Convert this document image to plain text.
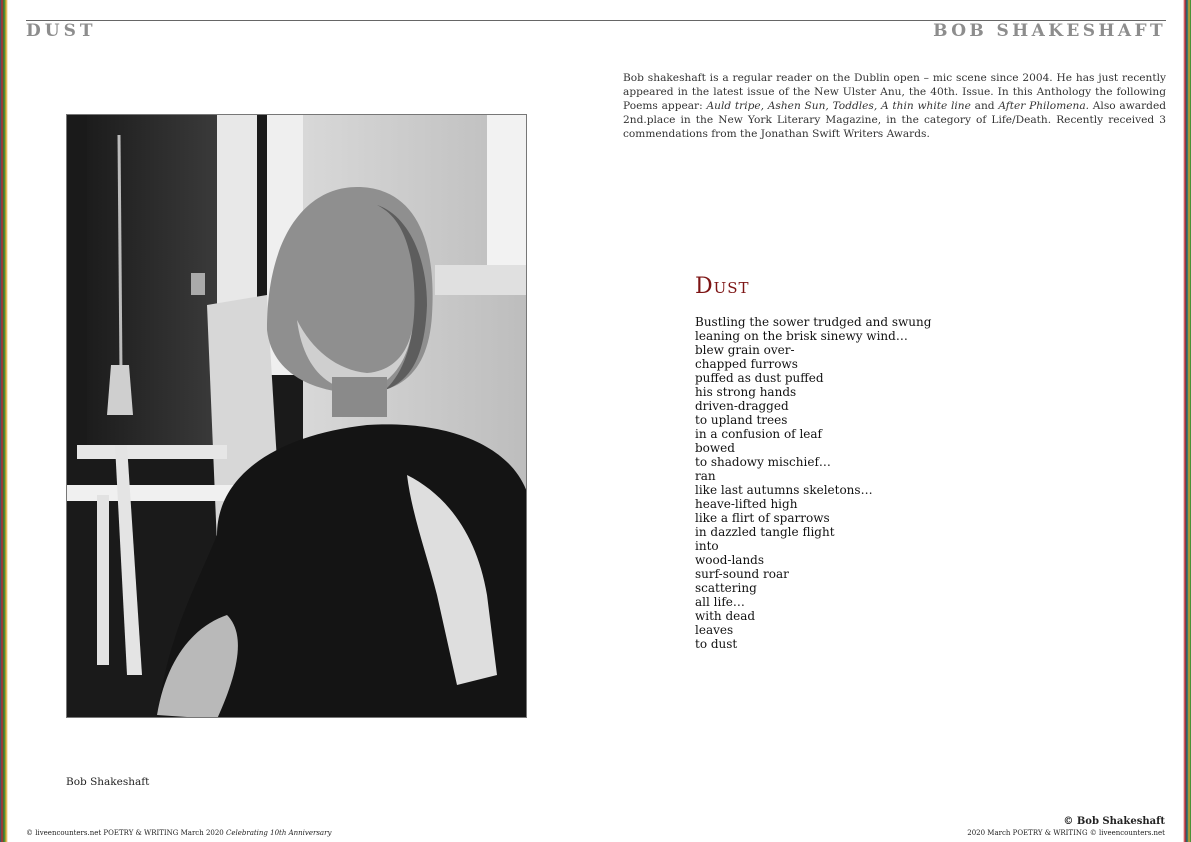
DUST	BOB SHAKESHAFT
Bob shakeshaft is a regular reader on the Dublin open – mic scene since 2004. He has just recently appeared in the latest issue of the New Ulster Anu, the 40th. Issue. In this Anthology the following Poems appear: Auld tripe, Ashen Sun, Toddles, A thin white line and After Philomena. Also awarded 2nd.place in the New York Literary Magazine, in the category of Life/Death. Recently received 3 commendations from the Jonathan Swift Writers Awards.
Bob Shakeshaft
Dust
Bustling the sower trudged and swung
leaning on the brisk sinewy wind…
blew grain over-
chapped furrows
puffed as dust puffed
his strong hands
driven-dragged
to upland trees
in a confusion of leaf
bowed
to shadowy mischief…
ran
like last autumns skeletons…
heave-lifted high
like a flirt of sparrows
in dazzled tangle flight
into
wood-lands
surf-sound roar
scattering
all life…
with dead
leaves
to dust
© liveencounters.net POETRY & WRITING March 2020 Celebrating 10th Anniversary
© Bob Shakeshaft
2020 March POETRY & WRITING © liveencounters.net
